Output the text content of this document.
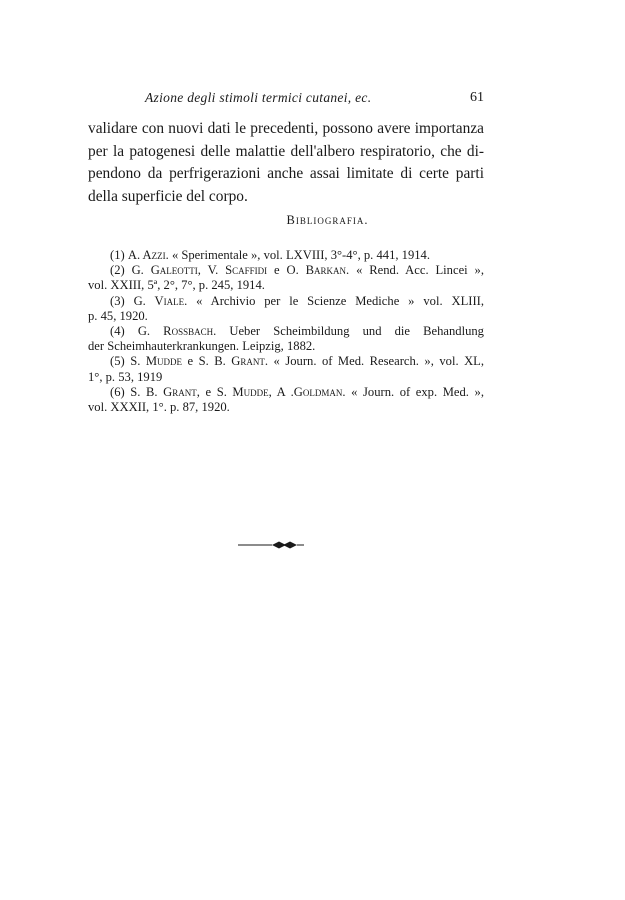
Azione degli stimoli termici cutanei, ec.	61
validare con nuovi dati le precedenti, possono avere importanza
per la patogenesi delle malattie dell'albero respiratorio, che di-
pendono da perfrigerazioni anche assai limitate di certe parti
della superficie del corpo.
Bibliografia.
(1) A. Azzi. « Sperimentale », vol. LXVIII, 3°-4°, p. 441, 1914.
(2) G. Galeotti, V. Scaffidi e O. Barkan. « Rend. Acc. Lincei »,
vol. XXIII, 5ª, 2°, 7°, p. 245, 1914.
(3) G. Viale. « Archivio per le Scienze Mediche » vol. XLIII,
p. 45, 1920.
(4) G. Rossbach. Ueber Scheimbildung und die Behandlung
der Scheimhauterkrankungen. Leipzig, 1882.
(5) S. Mudde e S. B. Grant. « Journ. of Med. Research. », vol. XL,
1°, p. 53, 1919
(6) S. B. Grant, e S. Mudde, A .Goldman. « Journ. of exp. Med. »,
vol. XXXII, 1°. p. 87, 1920.
